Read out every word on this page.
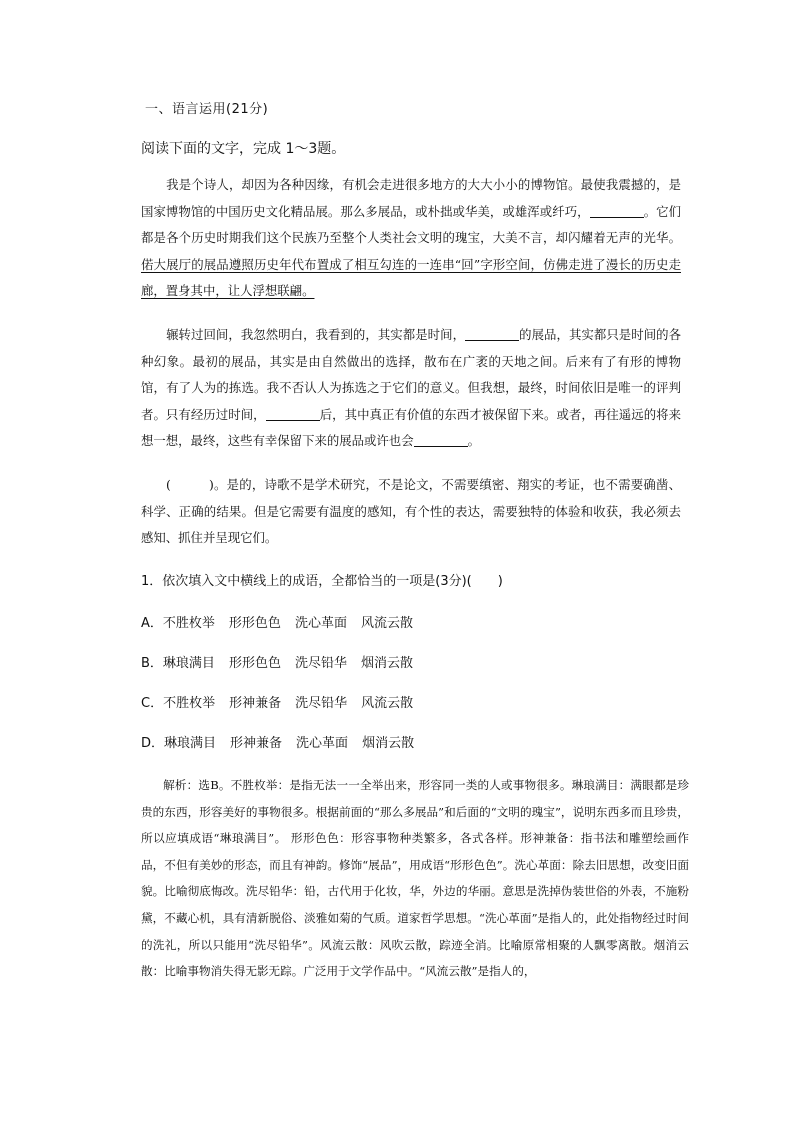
一、语言运用(21分)
阅读下面的文字，完成 1～3题。

我是个诗人，却因为各种因缘，有机会走进很多地方的大大小小的博物馆。最使我震撼的，是国家博物馆的中国历史文化精品展。那么多展品，或朴拙或华美，或雄浑或纤巧，	。它们都是各个历史时期我们这个民族乃至整个人类社会文明的瑰宝，大美不言，却闪耀着无声的光华。偌大展厅的展品遵照历史年代布置成了相互勾连的一连串“回”字形空间，仿佛走进了漫长的历史走廊，置身其中，让人浮想联翩。

辗转过回间，我忽然明白，我看到的，其实都是时间，	的展品，其实都只是时间的各种幻象。最初的展品，其实是由自然做出的选择，散布在广袤的天地之间。后来有了有形的博物馆，有了人为的拣选。我不否认人为拣选之于它们的意义。但我想，最终，时间依旧是唯一的评判者。只有经历过时间，	后，其中真正有价值的东西才被保留下来。或者，再往遥远的将来想一想，最终，这些有幸保留下来的展品或许也会	。

(　　　)。是的，诗歌不是学术研究，不是论文，不需要缜密、翔实的考证，也不需要确凿、科学、正确的结果。但是它需要有温度的感知，有个性的表达，需要独特的体验和收获，我必须去感知、抓住并呈现它们。

1．依次填入文中横线上的成语，全都恰当的一项是(3分)(　　)
A．不胜枚举 形形色色 洗心革面 风流云散
B．琳琅满目 形形色色 洗尽铅华 烟消云散
C．不胜枚举 形神兼备 洗尽铅华 风流云散
D．琳琅满目 形神兼备 洗心革面 烟消云散

解析：选B。不胜枚举：是指无法一一全举出来，形容同一类的人或事物很多。琳琅满目：满眼都是珍贵的东西，形容美好的事物很多。根据前面的“那么多展品”和后面的“文明的瑰宝”，说明东西多而且珍贵，所以应填成语“琳琅满目”。 形形色色：形容事物种类繁多，各式各样。形神兼备：指书法和雕塑绘画作品，不但有美妙的形态，而且有神韵。修饰“展品”，用成语“形形色色”。洗心革面：除去旧思想，改变旧面貌。比喻彻底悔改。洗尽铅华：铅，古代用于化妆，华，外边的华丽。意思是洗掉伪装世俗的外表，不施粉黛，不藏心机，具有清新脱俗、淡雅如菊的气质。道家哲学思想。“洗心革面”是指人的，此处指物经过时间的洗礼，所以只能用“洗尽铅华”。风流云散：风吹云散，踪迹全消。比喻原常相聚的人飘零离散。烟消云散：比喻事物消失得无影无踪。广泛用于文学作品中。“风流云散”是指人的，
